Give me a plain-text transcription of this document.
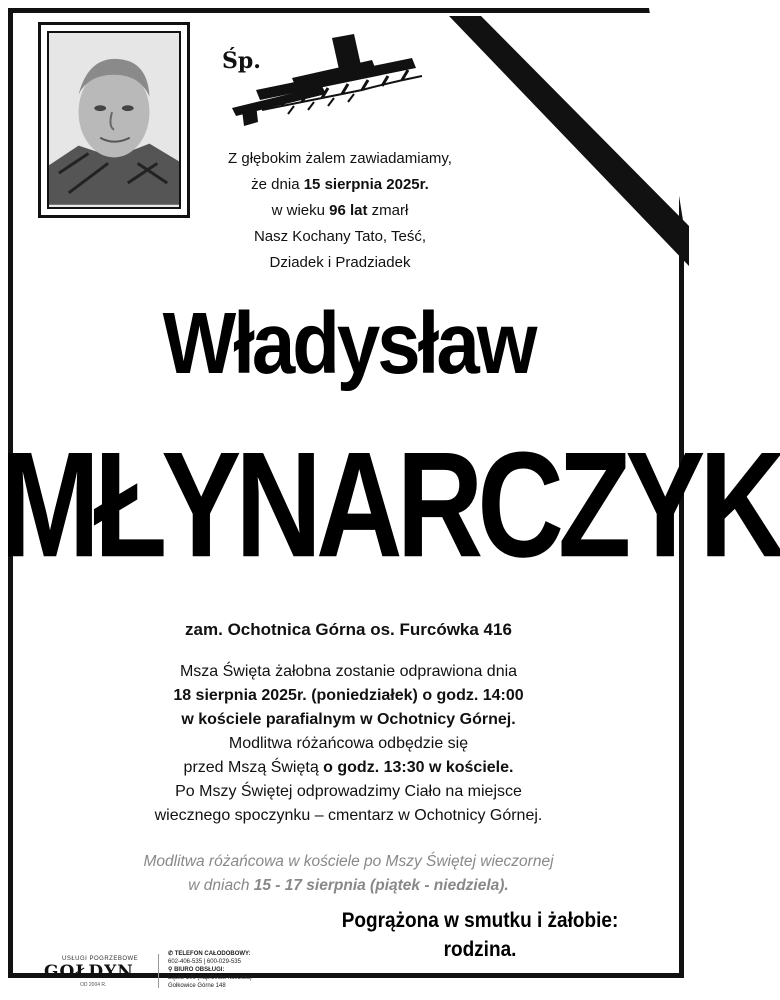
Śp.
Z głębokim żalem zawiadamiamy,
że dnia 15 sierpnia 2025r.
w wieku 96 lat zmarł
Nasz Kochany Tato, Teść,
Dziadek i Pradziadek
Władysław
MŁYNARCZYK
zam. Ochotnica Górna os. Furcówka 416
Msza Święta żałobna zostanie odprawiona dnia
18 sierpnia 2025r. (poniedziałek) o godz. 14:00
w kościele parafialnym w Ochotnicy Górnej.
Modlitwa różańcowa odbędzie się
przed Mszą Świętą o godz. 13:30 w kościele.
Po Mszy Świętej odprowadzimy Ciało na miejsce
wiecznego spoczynku – cmentarz w Ochotnicy Górnej.
Modlitwa różańcowa w kościele po Mszy Świętej wieczornej
w dniach 15 - 17 sierpnia (piątek - niedziela).
Pogrążona w smutku i żałobie:
rodzina.
USŁUGI POGRZEBOWE
GOŁDYN
OD 2004 R.
✆ TELEFON CAŁODOBOWY:
602-406-535 | 600-029-535
⚲ BIURO OBSŁUGI:
Łącko 106 (naprzeciw kościoła)
Gołkowice Górne 148
